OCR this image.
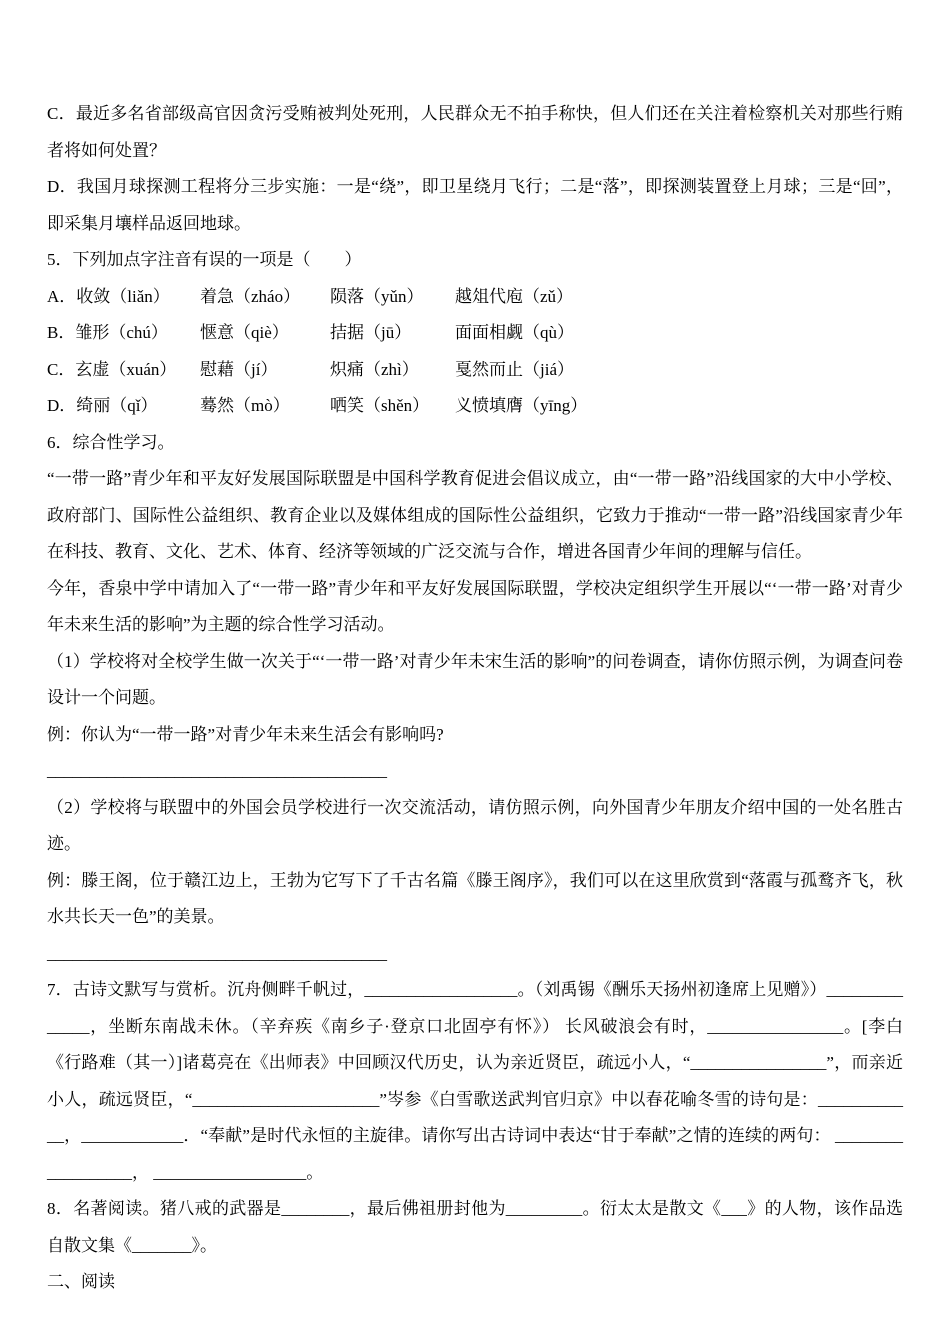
C．最近多名省部级高官因贪污受贿被判处死刑，人民群众无不拍手称快，但人们还在关注着检察机关对那些行贿者将如何处置？

D．我国月球探测工程将分三步实施：一是“绕”，即卫星绕月飞行；二是“落”，即探测装置登上月球；三是“回”，即采集月壤样品返回地球。

5．下列加点字注音有误的一项是（　　）

A．收敛（liǎn）	着急（zháo）	陨落（yǔn）	越俎代庖（zǔ）
B．雏形（chú）	惬意（qiè）	拮据（jū）	面面相觑（qù）
C．玄虚（xuán）	慰藉（jí）	炽痛（zhì）	戛然而止（jiá）
D．绮丽（qǐ）	蓦然（mò）	哂笑（shěn）	义愤填膺（yīng）

6．综合性学习。

“一带一路”青少年和平友好发展国际联盟是中国科学教育促进会倡议成立，由“一带一路”沿线国家的大中小学校、政府部门、国际性公益组织、教育企业以及媒体组成的国际性公益组织，它致力于推动“一带一路”沿线国家青少年在科技、教育、文化、艺术、体育、经济等领域的广泛交流与合作，增进各国青少年间的理解与信任。

今年，香泉中学中请加入了“一带一路”青少年和平友好发展国际联盟，学校决定组织学生开展以“‘一带一路’对青少年未来生活的影响”为主题的综合性学习活动。

（1）学校将对全校学生做一次关于“‘一带一路’对青少年未宋生活的影响”的问卷调查，请你仿照示例，为调查问卷设计一个问题。

例：你认为“一带一路”对青少年未来生活会有影响吗?

________________________________________

（2）学校将与联盟中的外国会员学校进行一次交流活动，请仿照示例，向外国青少年朋友介绍中国的一处名胜古迹。

例：滕王阁，位于赣江边上，王勃为它写下了千古名篇《滕王阁序》，我们可以在这里欣赏到“落霞与孤鹜齐飞，秋水共长天一色”的美景。

________________________________________

7．古诗文默写与赏析。沉舟侧畔千帆过，__________________。（刘禹锡《酬乐天扬州初逢席上见赠》）______________，坐断东南战未休。（辛弃疾《南乡子·登京口北固亭有怀》） 长风破浪会有时，________________。[李白《行路难（其一）]诸葛亮在《出师表》中回顾汉代历史，认为亲近贤臣，疏远小人，“________________”，而亲近小人，疏远贤臣，“______________________”岑参《白雪歌送武判官归京》中以春花喻冬雪的诗句是：____________，____________．“奉献”是时代永恒的主旋律。请你写出古诗词中表达“甘于奉献”之情的连续的两句： __________________， __________________。

8．名著阅读。猪八戒的武器是________，最后佛祖册封他为_________。衍太太是散文《___》的人物，该作品选自散文集《_______》。

二、阅读
